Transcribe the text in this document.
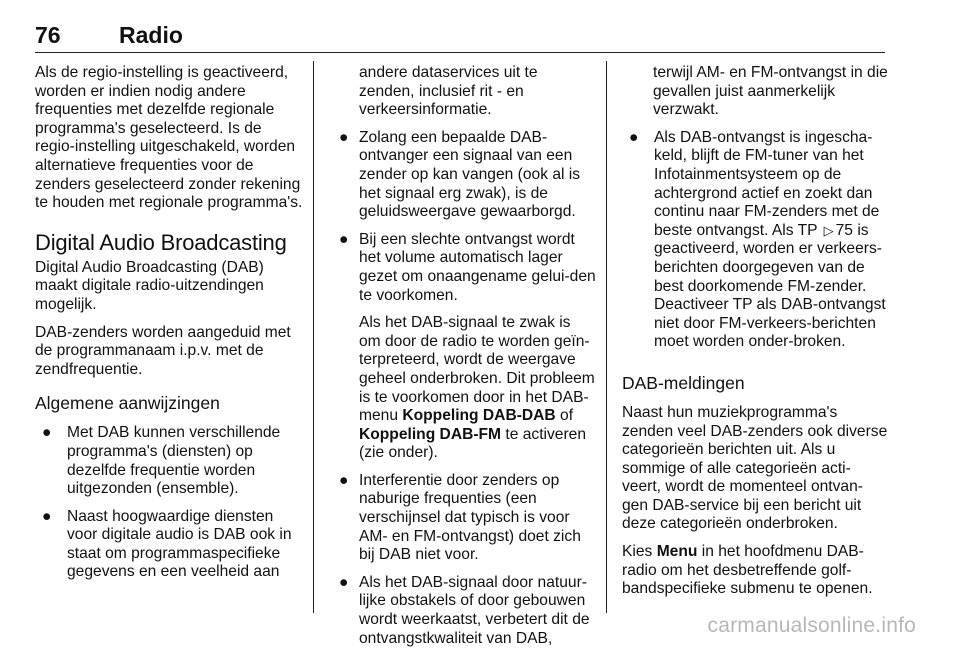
76	Radio

Als de regio-instelling is geactiveerd, worden er indien nodig andere frequenties met dezelfde regionale programma's geselecteerd. Is de regio-instelling uitgeschakeld, worden alternatieve frequenties voor de zenders geselecteerd zonder rekening te houden met regionale programma's.

Digital Audio Broadcasting

Digital Audio Broadcasting (DAB) maakt digitale radio-uitzendingen mogelijk.

DAB-zenders worden aangeduid met de programmanaam i.p.v. met de zendfrequentie.

Algemene aanwijzingen
● Met DAB kunnen verschillende programma's (diensten) op dezelfde frequentie worden uitgezonden (ensemble).
● Naast hoogwaardige diensten voor digitale audio is DAB ook in staat om programmaspecifieke gegevens en een veelheid aan

andere dataservices uit te zenden, inclusief rit - en verkeersinformatie.

● Zolang een bepaalde DAB-ontvanger een signaal van een zender op kan vangen (ook al is het signaal erg zwak), is de geluidsweergave gewaarborgd.
● Bij een slechte ontvangst wordt het volume automatisch lager gezet om onaangename gelui-den te voorkomen.

Als het DAB-signaal te zwak is om door de radio te worden geïn-terpreteerd, wordt de weergave geheel onderbroken. Dit probleem is te voorkomen door in het DAB-menu Koppeling DAB-DAB of Koppeling DAB-FM te activeren (zie onder).

● Interferentie door zenders op naburige frequenties (een verschijnsel dat typisch is voor AM- en FM-ontvangst) doet zich bij DAB niet voor.
● Als het DAB-signaal door natuur-lijke obstakels of door gebouwen wordt weerkaatst, verbetert dit de ontvangstkwaliteit van DAB,

terwijl AM- en FM-ontvangst in die gevallen juist aanmerkelijk verzwakt.

● Als DAB-ontvangst is ingescha-keld, blijft de FM-tuner van het Infotainmentsysteem op de achtergrond actief en zoekt dan continu naar FM-zenders met de beste ontvangst. Als TP ▷ 75 is geactiveerd, worden er verkeers-berichten doorgegeven van de best doorkomende FM-zender. Deactiveer TP als DAB-ontvangst niet door FM-verkeers-berichten moet worden onder-broken.
DAB-meldingen

Naast hun muziekprogramma's zenden veel DAB-zenders ook diverse categorieën berichten uit. Als u sommige of alle categorieën acti-veert, wordt de momenteel ontvan-gen DAB-service bij een bericht uit deze categorieën onderbroken.

Kies Menu in het hoofdmenu DAB-radio om het desbetreffende golf-bandspecifieke submenu te openen.

carmanualsonline.info
